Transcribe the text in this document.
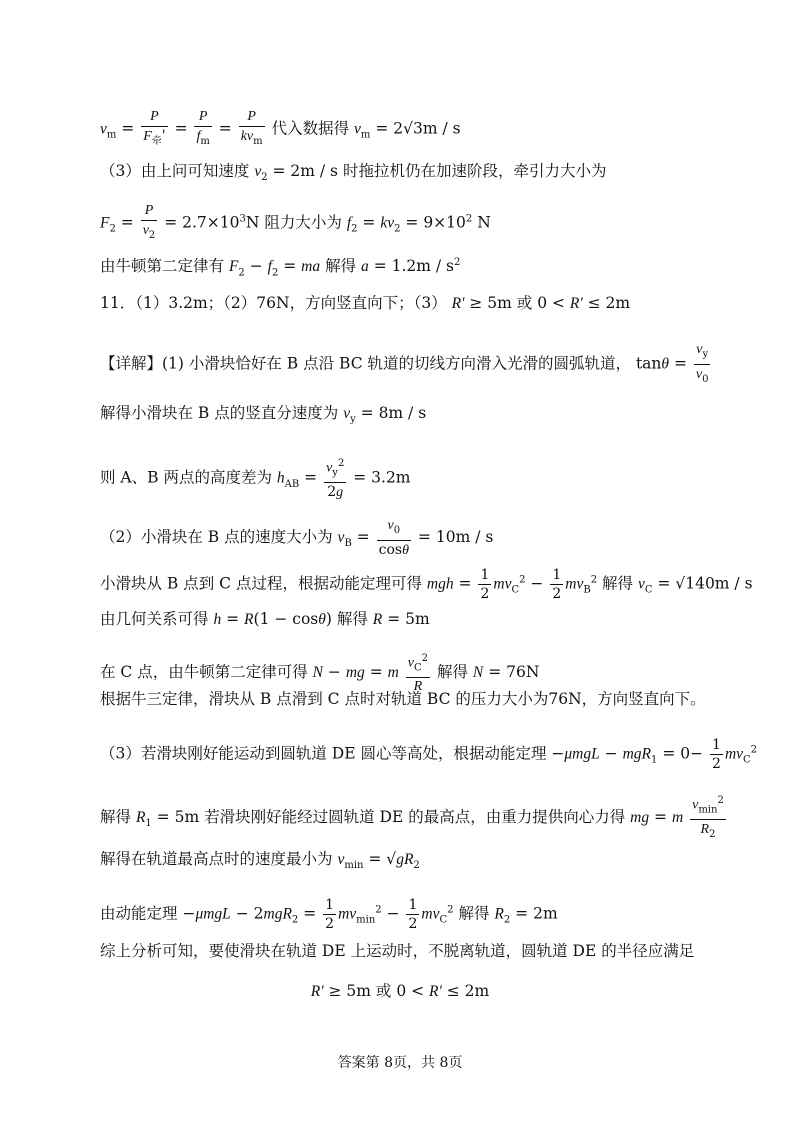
$v_m = \frac{P}{F_牵'} = \frac{P}{f_m} = \frac{P}{kv_m}$ 代入数据得 $v_m = 2√3m / s$
（3）由上问可知速度 $v_2 = 2m / s$ 时拖拉机仍在加速阶段，牵引力大小为
$F_2 = \frac{P}{v_2} = 2.7\times 10^3N$ 阻力大小为 $f_2 = kv_2 = 9\times 10^2$ N
由牛顿第二定律有 $F_2 - f_2$ = ma 解得 $a = 1.2m / s^2$
11．（1）3.2m；（2）76N，方向竖直向下；（3） R' ≥ 5m 或 0 < R' ≤ 2m
【详解】(1) 小滑块恰好在 B 点沿 BC 轨道的切线方向滑入光滑的圆弧轨道， $\tan\theta = \frac{v_y}{v_0}$
解得小滑块在 B 点的竖直分速度为 $v_y = 8m / s$
则 A、B 两点的高度差为 $h_{AB} = \frac{v_y^2}{2g} = 3.2m$
（2）小滑块在 B 点的速度大小为 $v_B = \frac{v_0}{\cos\theta} = 10m / s$
小滑块从 B 点到 C 点过程，根据动能定理可得 mgh = $\frac{1}{2} mv_C^2 - \frac{1}{2} mv_B^2$ 解得 $v_C = √140m / s$
由几何关系可得 h = R(1 − cosθ) 解得 R = 5m
在 C 点，由牛顿第二定律可得 N − mg = m $\frac{v_C^2}{R}$ 解得 N = 76N
根据牛三定律，滑块从 B 点滑到 C 点时对轨道 BC 的压力大小为76N，方向竖直向下。
（3）若滑块刚好能运动到圆轨道 DE 圆心等高处，根据动能定理 $-\mu mgL - mgR_1 = 0- \frac{1}{2} mv_C^2$
解得 $R_1 = 5m$ 若滑块刚好能经过圆轨道 DE 的最高点，由重力提供向心力得 mg = m $\frac{v_{min}^2}{R_2}$
解得在轨道最高点时的速度最小为 $v_{min} = √gR_2$
由动能定理 $-\mu mgL - 2mgR_2 = \frac{1}{2} mv_{min}^2 - \frac{1}{2} mv_C^2$ 解得 $R_2 = 2m$
综上分析可知，要使滑块在轨道 DE 上运动时，不脱离轨道，圆轨道 DE 的半径应满足
R' ≥ 5m 或 0 < R' ≤ 2m
答案第 8页，共 8页
